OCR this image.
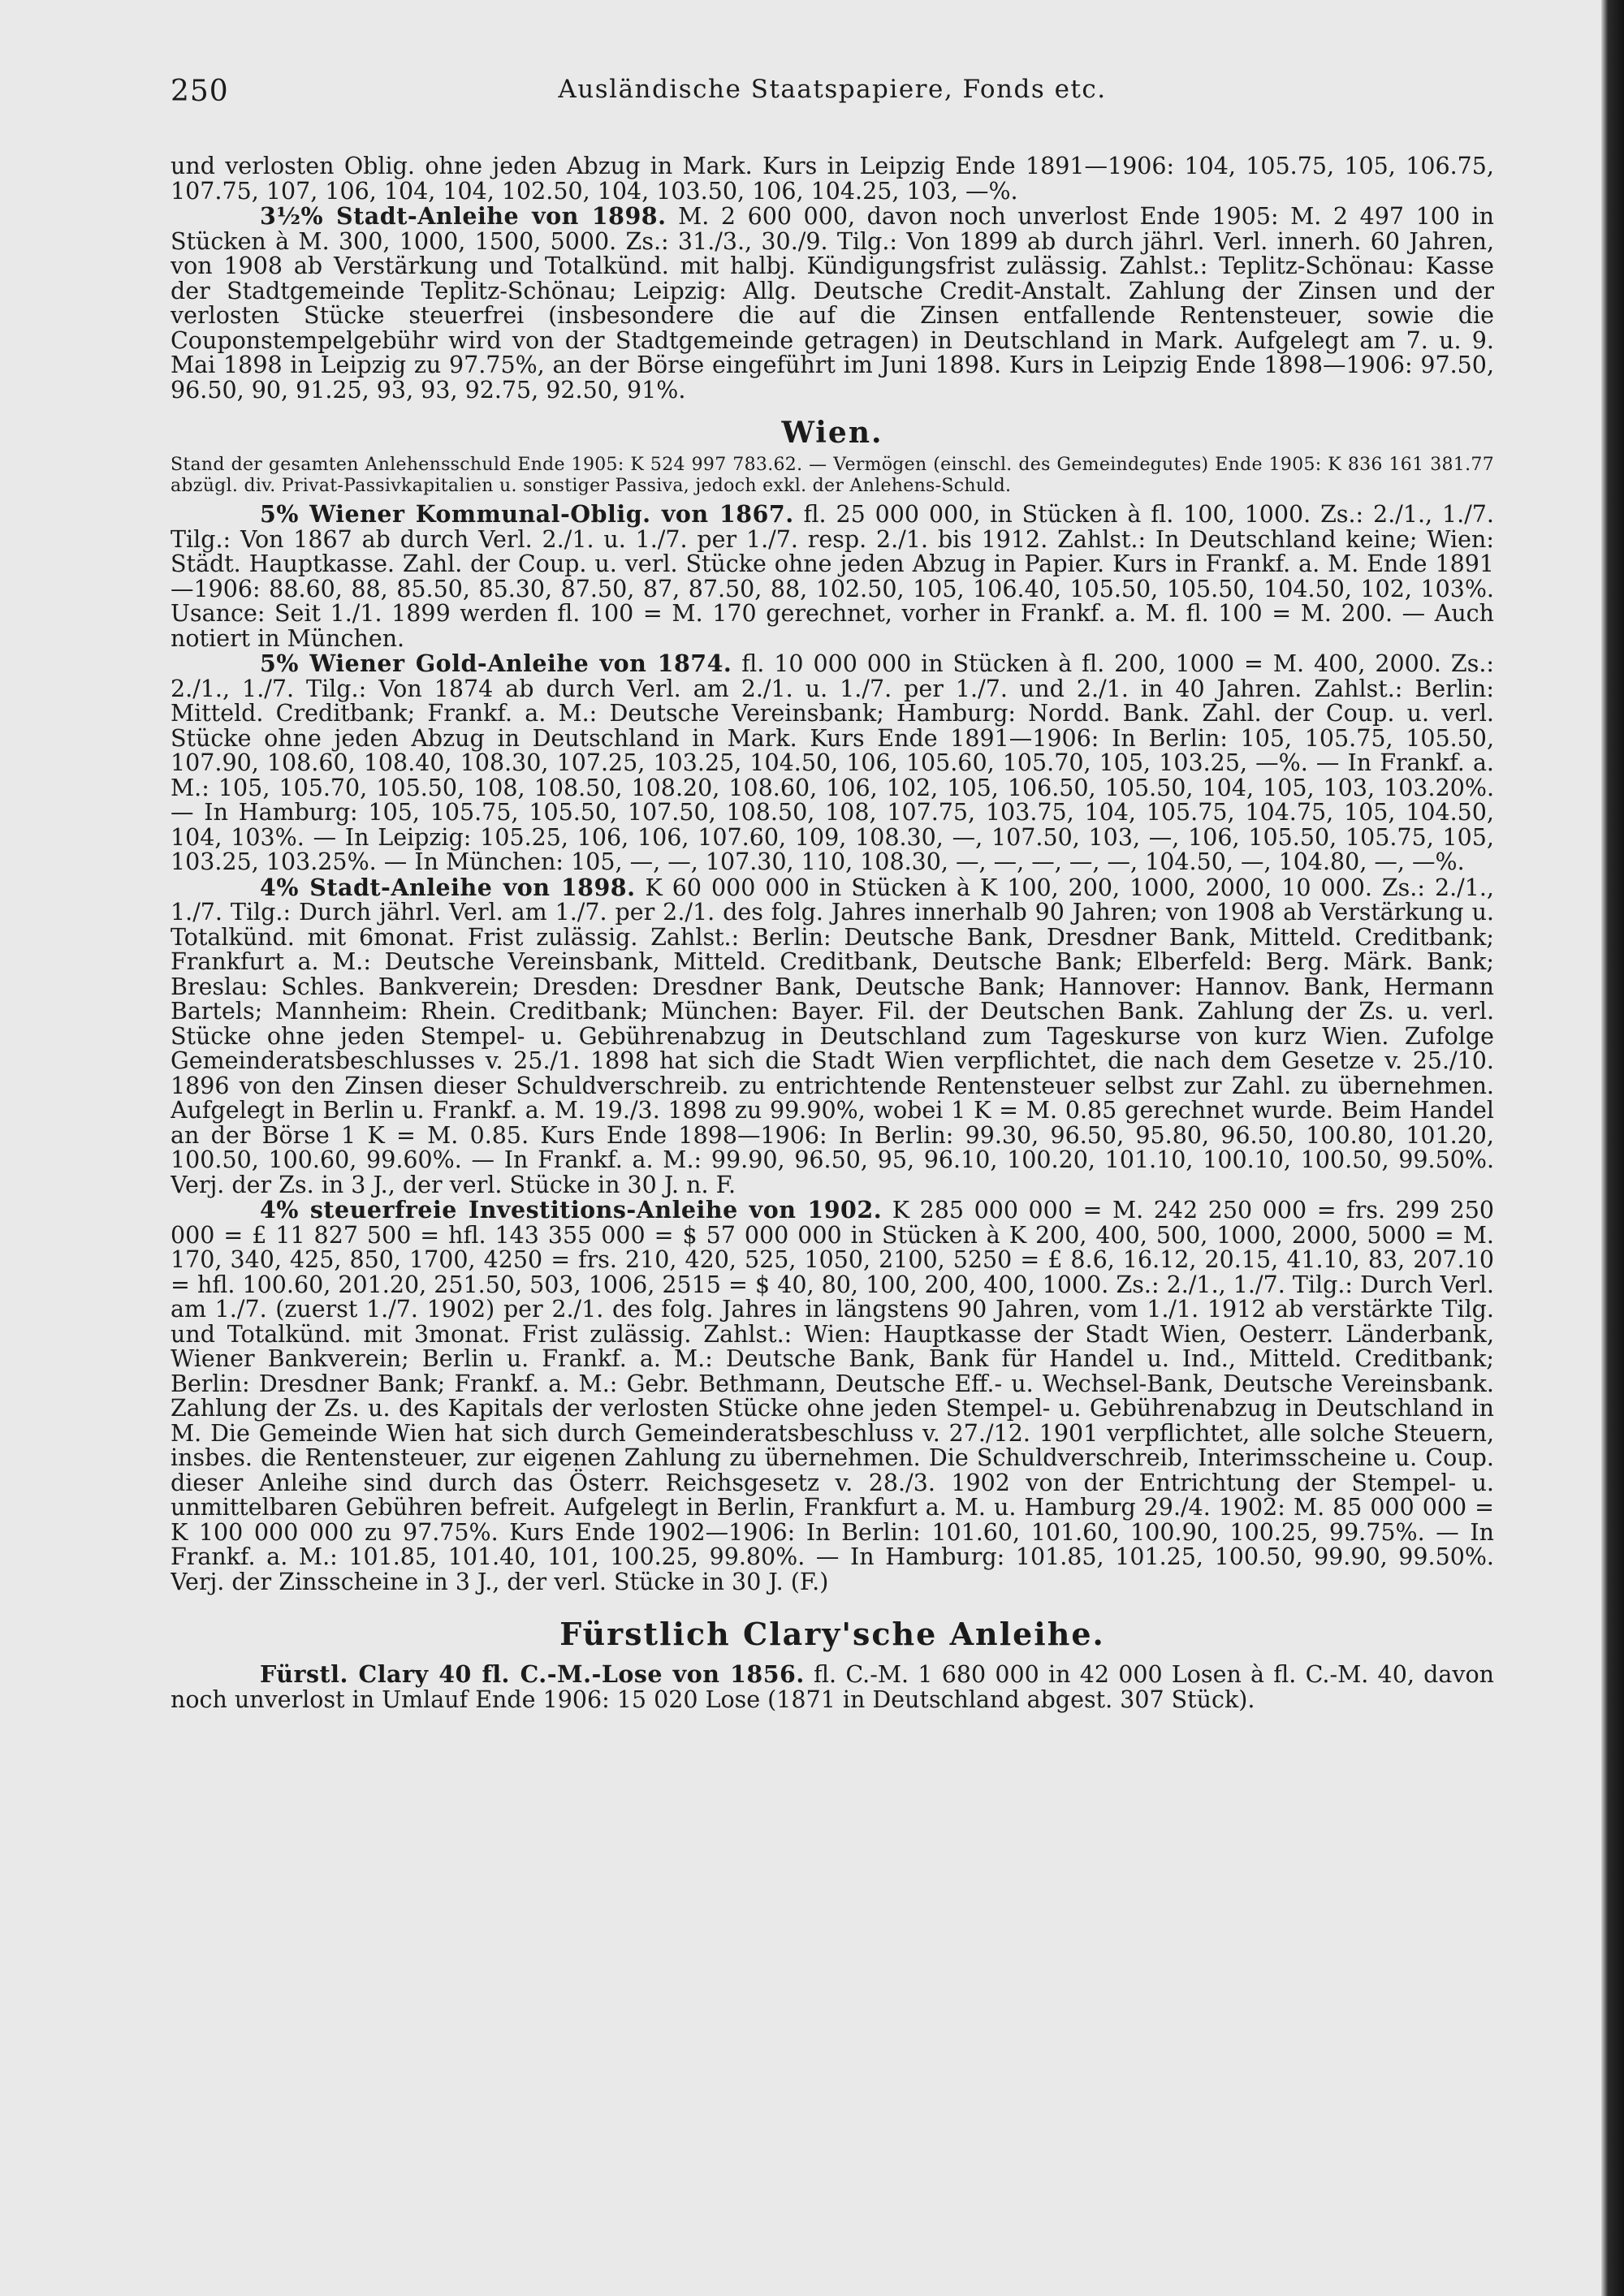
250	Ausländische Staatspapiere, Fonds etc.

und verlosten Oblig. ohne jeden Abzug in Mark. Kurs in Leipzig Ende 1891—1906: 104, 105.75, 105, 106.75, 107.75, 107, 106, 104, 104, 102.50, 104, 103.50, 106, 104.25, 103, —%.

3½% Stadt-Anleihe von 1898. M. 2 600 000, davon noch unverlost Ende 1905: M. 2 497 100 in Stücken à M. 300, 1000, 1500, 5000. Zs.: 31./3., 30./9. Tilg.: Von 1899 ab durch jährl. Verl. innerh. 60 Jahren, von 1908 ab Verstärkung und Totalkünd. mit halbj. Kündigungsfrist zulässig. Zahlst.: Teplitz-Schönau: Kasse der Stadtgemeinde Teplitz-Schönau; Leipzig: Allg. Deutsche Credit-Anstalt. Zahlung der Zinsen und der verlosten Stücke steuerfrei (insbesondere die auf die Zinsen entfallende Rentensteuer, sowie die Couponstempelgebühr wird von der Stadtgemeinde getragen) in Deutschland in Mark. Aufgelegt am 7. u. 9. Mai 1898 in Leipzig zu 97.75%, an der Börse eingeführt im Juni 1898. Kurs in Leipzig Ende 1898—1906: 97.50, 96.50, 90, 91.25, 93, 93, 92.75, 92.50, 91%.

Wien.

Stand der gesamten Anlehensschuld Ende 1905: K 524 997 783.62. — Vermögen (einschl. des Gemeindegutes) Ende 1905: K 836 161 381.77 abzügl. div. Privat-Passivkapitalien u. sonstiger Passiva, jedoch exkl. der Anlehens-Schuld.

5% Wiener Kommunal-Oblig. von 1867. fl. 25 000 000, in Stücken à fl. 100, 1000. Zs.: 2./1., 1./7. Tilg.: Von 1867 ab durch Verl. 2./1. u. 1./7. per 1./7. resp. 2./1. bis 1912. Zahlst.: In Deutschland keine; Wien: Städt. Hauptkasse. Zahl. der Coup. u. verl. Stücke ohne jeden Abzug in Papier. Kurs in Frankf. a. M. Ende 1891—1906: 88.60, 88, 85.50, 85.30, 87.50, 87, 87.50, 88, 102.50, 105, 106.40, 105.50, 105.50, 104.50, 102, 103%. Usance: Seit 1./1. 1899 werden fl. 100 = M. 170 gerechnet, vorher in Frankf. a. M. fl. 100 = M. 200. — Auch notiert in München.

5% Wiener Gold-Anleihe von 1874. fl. 10 000 000 in Stücken à fl. 200, 1000 = M. 400, 2000. Zs.: 2./1., 1./7. Tilg.: Von 1874 ab durch Verl. am 2./1. u. 1./7. per 1./7. und 2./1. in 40 Jahren. Zahlst.: Berlin: Mitteld. Creditbank; Frankf. a. M.: Deutsche Vereinsbank; Hamburg: Nordd. Bank. Zahl. der Coup. u. verl. Stücke ohne jeden Abzug in Deutschland in Mark. Kurs Ende 1891—1906: In Berlin: 105, 105.75, 105.50, 107.90, 108.60, 108.40, 108.30, 107.25, 103.25, 104.50, 106, 105.60, 105.70, 105, 103.25, —%. — In Frankf. a. M.: 105, 105.70, 105.50, 108, 108.50, 108.20, 108.60, 106, 102, 105, 106.50, 105.50, 104, 105, 103, 103.20%. — In Hamburg: 105, 105.75, 105.50, 107.50, 108.50, 108, 107.75, 103.75, 104, 105.75, 104.75, 105, 104.50, 104, 103%. — In Leipzig: 105.25, 106, 106, 107.60, 109, 108.30, —, 107.50, 103, —, 106, 105.50, 105.75, 105, 103.25, 103.25%. — In München: 105, —, —, 107.30, 110, 108.30, —, —, —, —, —, 104.50, —, 104.80, —, —%.

4% Stadt-Anleihe von 1898. K 60 000 000 in Stücken à K 100, 200, 1000, 2000, 10 000. Zs.: 2./1., 1./7. Tilg.: Durch jährl. Verl. am 1./7. per 2./1. des folg. Jahres innerhalb 90 Jahren; von 1908 ab Verstärkung u. Totalkünd. mit 6monat. Frist zulässig. Zahlst.: Berlin: Deutsche Bank, Dresdner Bank, Mitteld. Creditbank; Frankfurt a. M.: Deutsche Vereinsbank, Mitteld. Creditbank, Deutsche Bank; Elberfeld: Berg. Märk. Bank; Breslau: Schles. Bankverein; Dresden: Dresdner Bank, Deutsche Bank; Hannover: Hannov. Bank, Hermann Bartels; Mannheim: Rhein. Creditbank; München: Bayer. Fil. der Deutschen Bank. Zahlung der Zs. u. verl. Stücke ohne jeden Stempel- u. Gebührenabzug in Deutschland zum Tageskurse von kurz Wien. Zufolge Gemeinderatsbeschlusses v. 25./1. 1898 hat sich die Stadt Wien verpflichtet, die nach dem Gesetze v. 25./10. 1896 von den Zinsen dieser Schuldverschreib. zu entrichtende Rentensteuer selbst zur Zahl. zu übernehmen. Aufgelegt in Berlin u. Frankf. a. M. 19./3. 1898 zu 99.90%, wobei 1 K = M. 0.85 gerechnet wurde. Beim Handel an der Börse 1 K = M. 0.85. Kurs Ende 1898—1906: In Berlin: 99.30, 96.50, 95.80, 96.50, 100.80, 101.20, 100.50, 100.60, 99.60%. — In Frankf. a. M.: 99.90, 96.50, 95, 96.10, 100.20, 101.10, 100.10, 100.50, 99.50%. Verj. der Zs. in 3 J., der verl. Stücke in 30 J. n. F.

4% steuerfreie Investitions-Anleihe von 1902. K 285 000 000 = M. 242 250 000 = frs. 299 250 000 = £ 11 827 500 = hfl. 143 355 000 = $ 57 000 000 in Stücken à K 200, 400, 500, 1000, 2000, 5000 = M. 170, 340, 425, 850, 1700, 4250 = frs. 210, 420, 525, 1050, 2100, 5250 = £ 8.6, 16.12, 20.15, 41.10, 83, 207.10 = hfl. 100.60, 201.20, 251.50, 503, 1006, 2515 = $ 40, 80, 100, 200, 400, 1000. Zs.: 2./1., 1./7. Tilg.: Durch Verl. am 1./7. (zuerst 1./7. 1902) per 2./1. des folg. Jahres in längstens 90 Jahren, vom 1./1. 1912 ab verstärkte Tilg. und Totalkünd. mit 3monat. Frist zulässig. Zahlst.: Wien: Hauptkasse der Stadt Wien, Oesterr. Länderbank, Wiener Bankverein; Berlin u. Frankf. a. M.: Deutsche Bank, Bank für Handel u. Ind., Mitteld. Creditbank; Berlin: Dresdner Bank; Frankf. a. M.: Gebr. Bethmann, Deutsche Eff.- u. Wechsel-Bank, Deutsche Vereinsbank. Zahlung der Zs. u. des Kapitals der verlosten Stücke ohne jeden Stempel- u. Gebührenabzug in Deutschland in M. Die Gemeinde Wien hat sich durch Gemeinderatsbeschluss v. 27./12. 1901 verpflichtet, alle solche Steuern, insbes. die Rentensteuer, zur eigenen Zahlung zu übernehmen. Die Schuldverschreib, Interimsscheine u. Coup. dieser Anleihe sind durch das Österr. Reichsgesetz v. 28./3. 1902 von der Entrichtung der Stempel- u. unmittelbaren Gebühren befreit. Aufgelegt in Berlin, Frankfurt a. M. u. Hamburg 29./4. 1902: M. 85 000 000 = K 100 000 000 zu 97.75%. Kurs Ende 1902—1906: In Berlin: 101.60, 101.60, 100.90, 100.25, 99.75%. — In Frankf. a. M.: 101.85, 101.40, 101, 100.25, 99.80%. — In Hamburg: 101.85, 101.25, 100.50, 99.90, 99.50%. Verj. der Zinsscheine in 3 J., der verl. Stücke in 30 J. (F.)

Fürstlich Clary'sche Anleihe.

Fürstl. Clary 40 fl. C.-M.-Lose von 1856. fl. C.-M. 1 680 000 in 42 000 Losen à fl. C.-M. 40, davon noch unverlost in Umlauf Ende 1906: 15 020 Lose (1871 in Deutschland abgest. 307 Stück).
